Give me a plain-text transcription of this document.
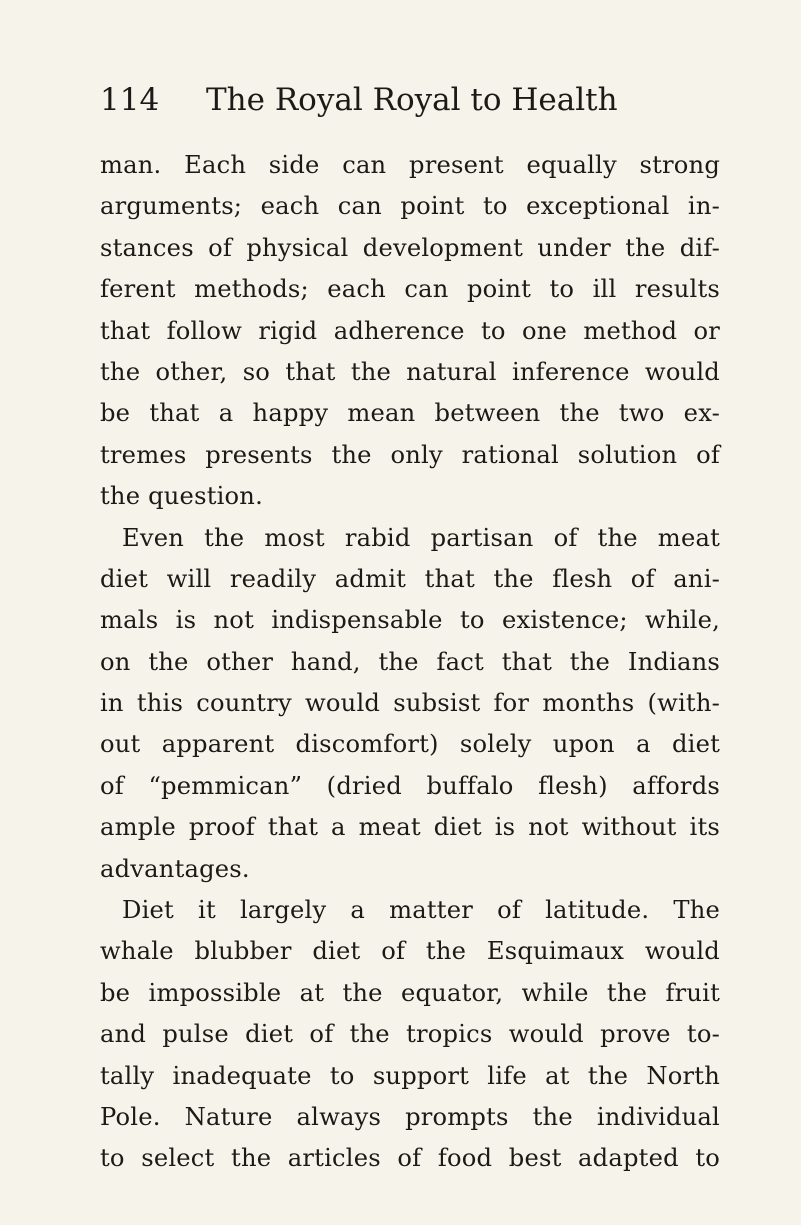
114 The Royal Royal to Health
man. Each side can present equally strong
arguments; each can point to exceptional in-
stances of physical development under the dif-
ferent methods; each can point to ill results
that follow rigid adherence to one method or
the other, so that the natural inference would
be that a happy mean between the two ex-
tremes presents the only rational solution of
the question.
Even the most rabid partisan of the meat
diet will readily admit that the flesh of ani-
mals is not indispensable to existence; while,
on the other hand, the fact that the Indians
in this country would subsist for months (with-
out apparent discomfort) solely upon a diet
of “pemmican” (dried buffalo flesh) affords
ample proof that a meat diet is not without its
advantages.
Diet it largely a matter of latitude. The
whale blubber diet of the Esquimaux would
be impossible at the equator, while the fruit
and pulse diet of the tropics would prove to-
tally inadequate to support life at the North
Pole. Nature always prompts the individual
to select the articles of food best adapted to
